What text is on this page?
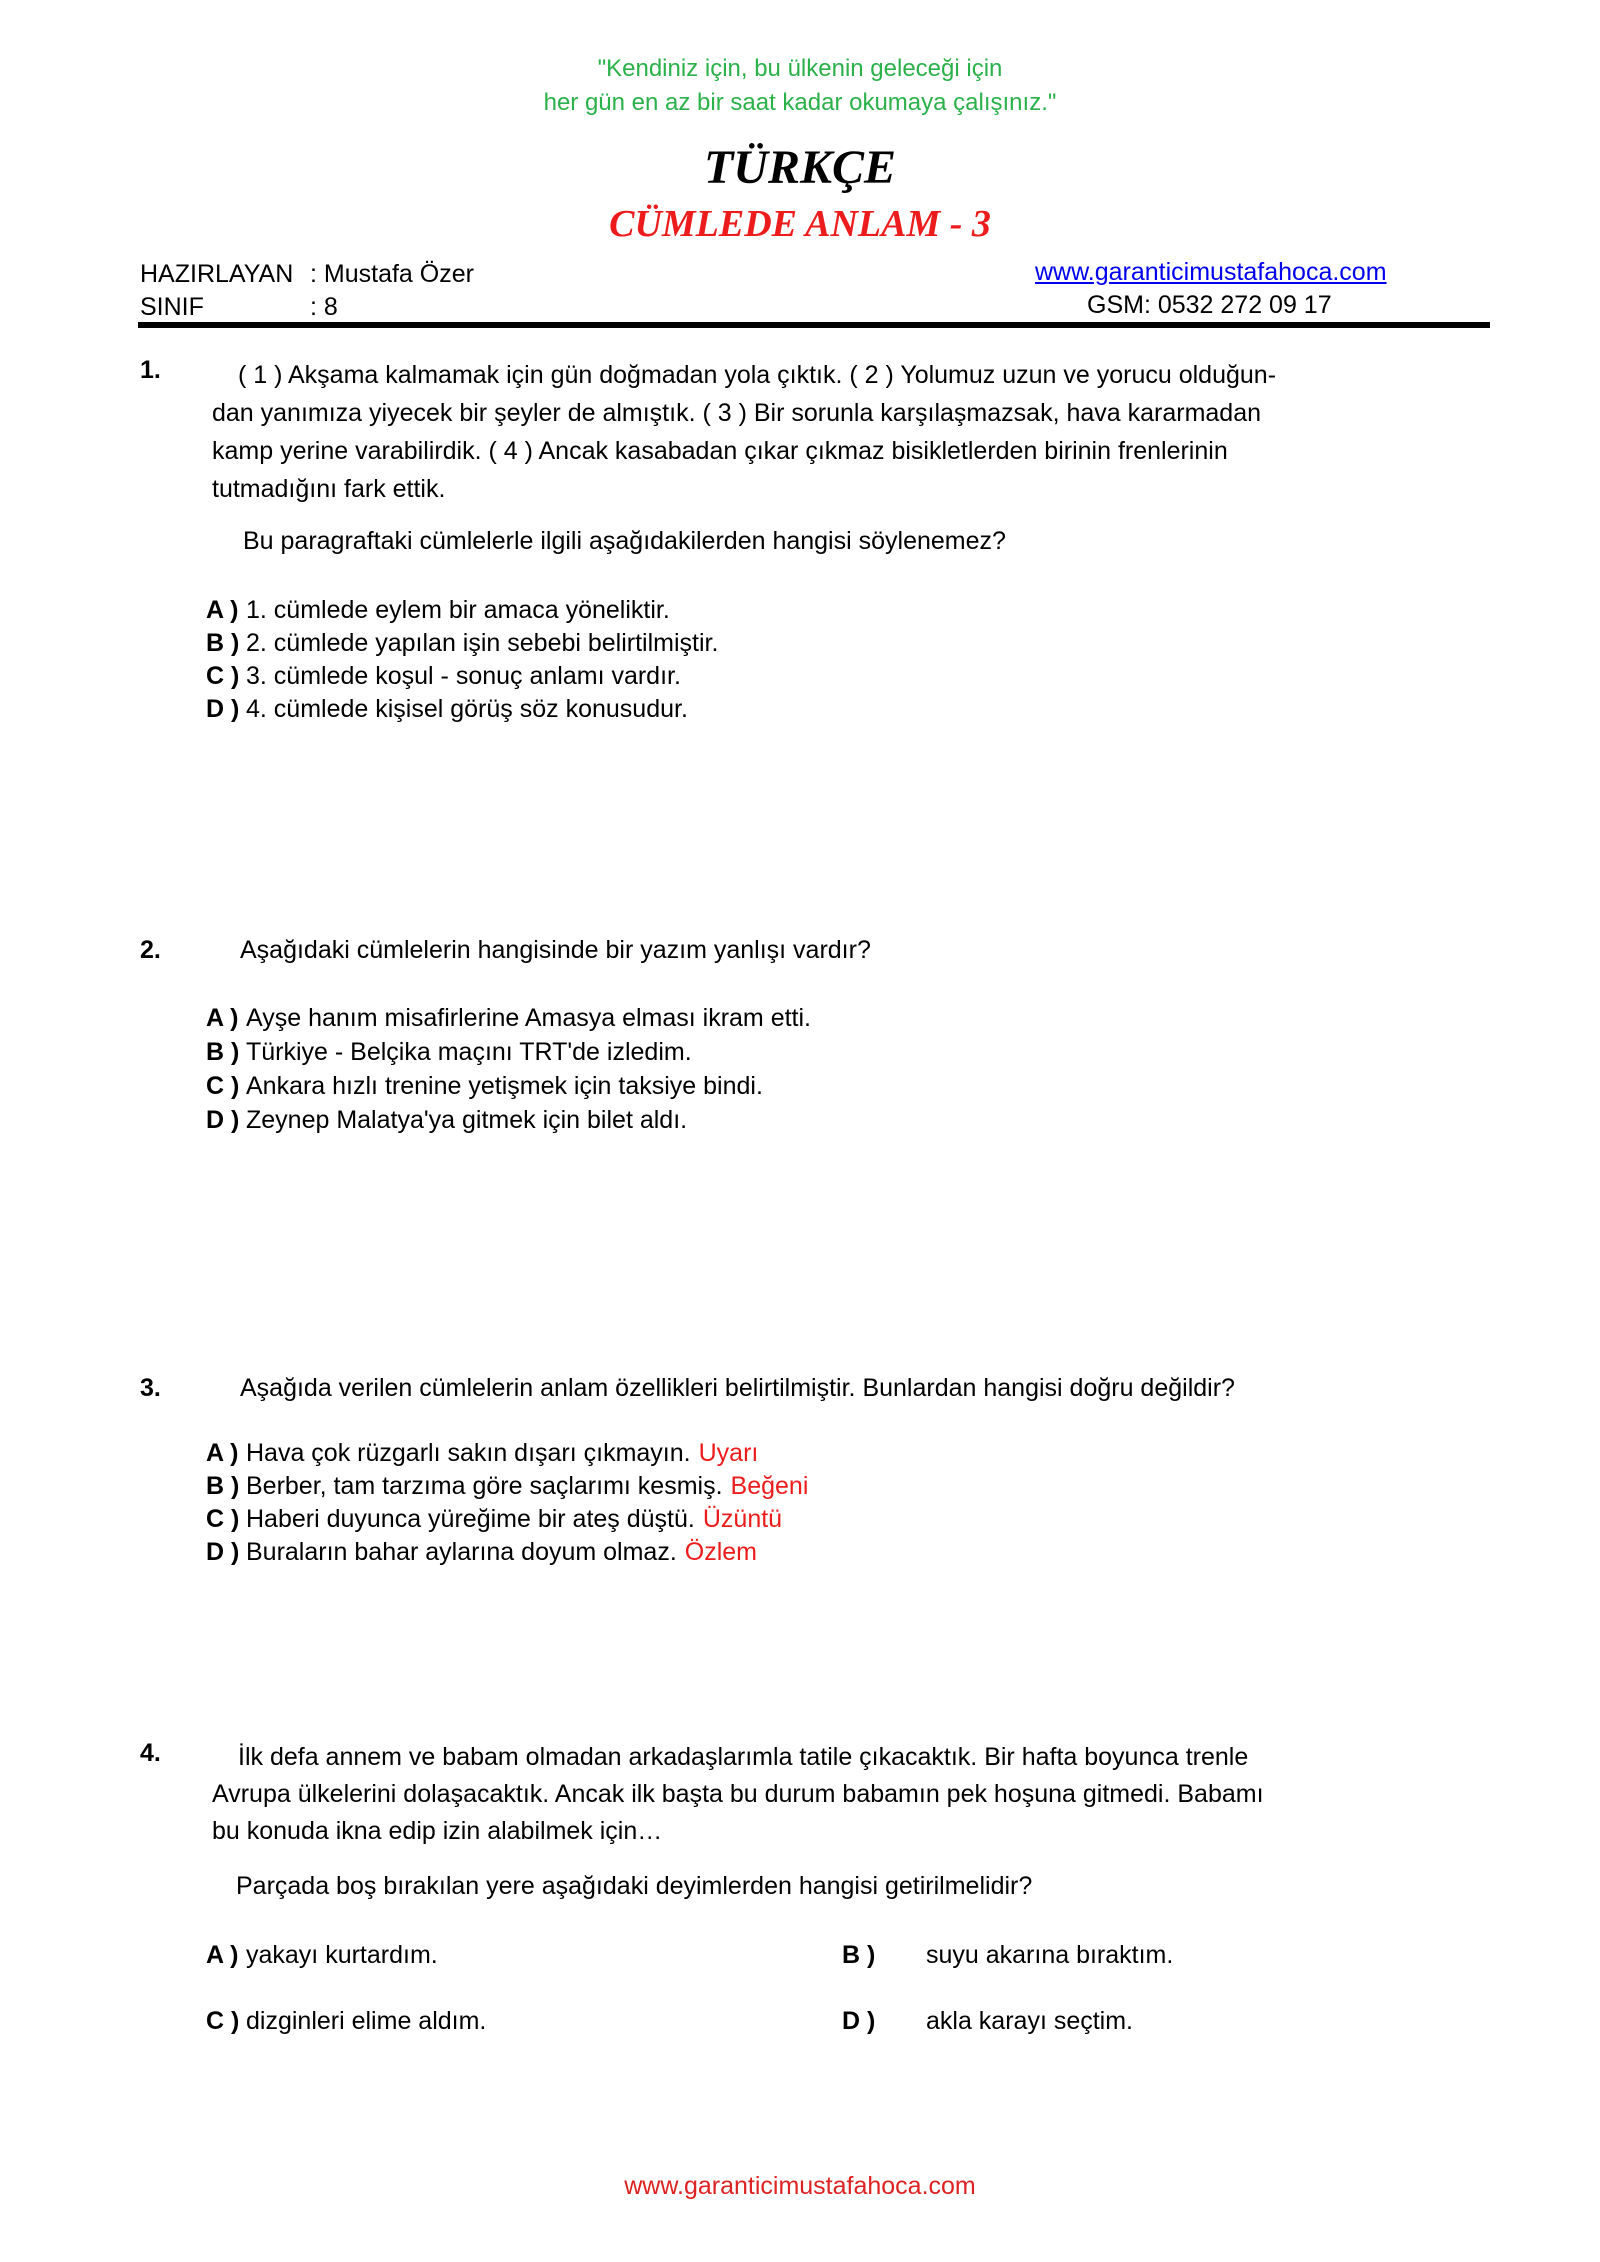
"Kendiniz için, bu ülkenin geleceği için
her gün en az bir saat kadar okumaya çalışınız."
TÜRKÇE
CÜMLEDE ANLAM - 3
HAZIRLAYAN : Mustafa Özer
SINIF	: 8
www.garanticimustafahoca.com
GSM: 0532 272 09 17
1.	( 1 ) Akşama kalmamak için gün doğmadan yola çıktık. ( 2 ) Yolumuz uzun ve yorucu olduğun-
dan yanımıza yiyecek bir şeyler de almıştık. ( 3 ) Bir sorunla karşılaşmazsak, hava kararmadan
kamp yerine varabilirdik. ( 4 ) Ancak kasabadan çıkar çıkmaz bisikletlerden birinin frenlerinin
tutmadığını fark ettik.
Bu paragraftaki cümlelerle ilgili aşağıdakilerden hangisi söylenemez?
A ) 1. cümlede eylem bir amaca yöneliktir.
B ) 2. cümlede yapılan işin sebebi belirtilmiştir.
C ) 3. cümlede koşul - sonuç anlamı vardır.
D ) 4. cümlede kişisel görüş söz konusudur.
2.	Aşağıdaki cümlelerin hangisinde bir yazım yanlışı vardır?
A ) Ayşe hanım misafirlerine Amasya elması ikram etti.
B ) Türkiye - Belçika maçını TRT'de izledim.
C ) Ankara hızlı trenine yetişmek için taksiye bindi.
D ) Zeynep Malatya'ya gitmek için bilet aldı.
3.	Aşağıda verilen cümlelerin anlam özellikleri belirtilmiştir. Bunlardan hangisi doğru değildir?
A ) Hava çok rüzgarlı sakın dışarı çıkmayın. Uyarı
B ) Berber, tam tarzıma göre saçlarımı kesmiş. Beğeni
C ) Haberi duyunca yüreğime bir ateş düştü. Üzüntü
D ) Buraların bahar aylarına doyum olmaz. Özlem
4.	İlk defa annem ve babam olmadan arkadaşlarımla tatile çıkacaktık. Bir hafta boyunca trenle
Avrupa ülkelerini dolaşacaktık. Ancak ilk başta bu durum babamın pek hoşuna gitmedi. Babamı
bu konuda ikna edip izin alabilmek için…
Parçada boş bırakılan yere aşağıdaki deyimlerden hangisi getirilmelidir?
A ) yakayı kurtardım.	B ) suyu akarına bıraktım.
C ) dizginleri elime aldım.	D ) akla karayı seçtim.
www.garanticimustafahoca.com
